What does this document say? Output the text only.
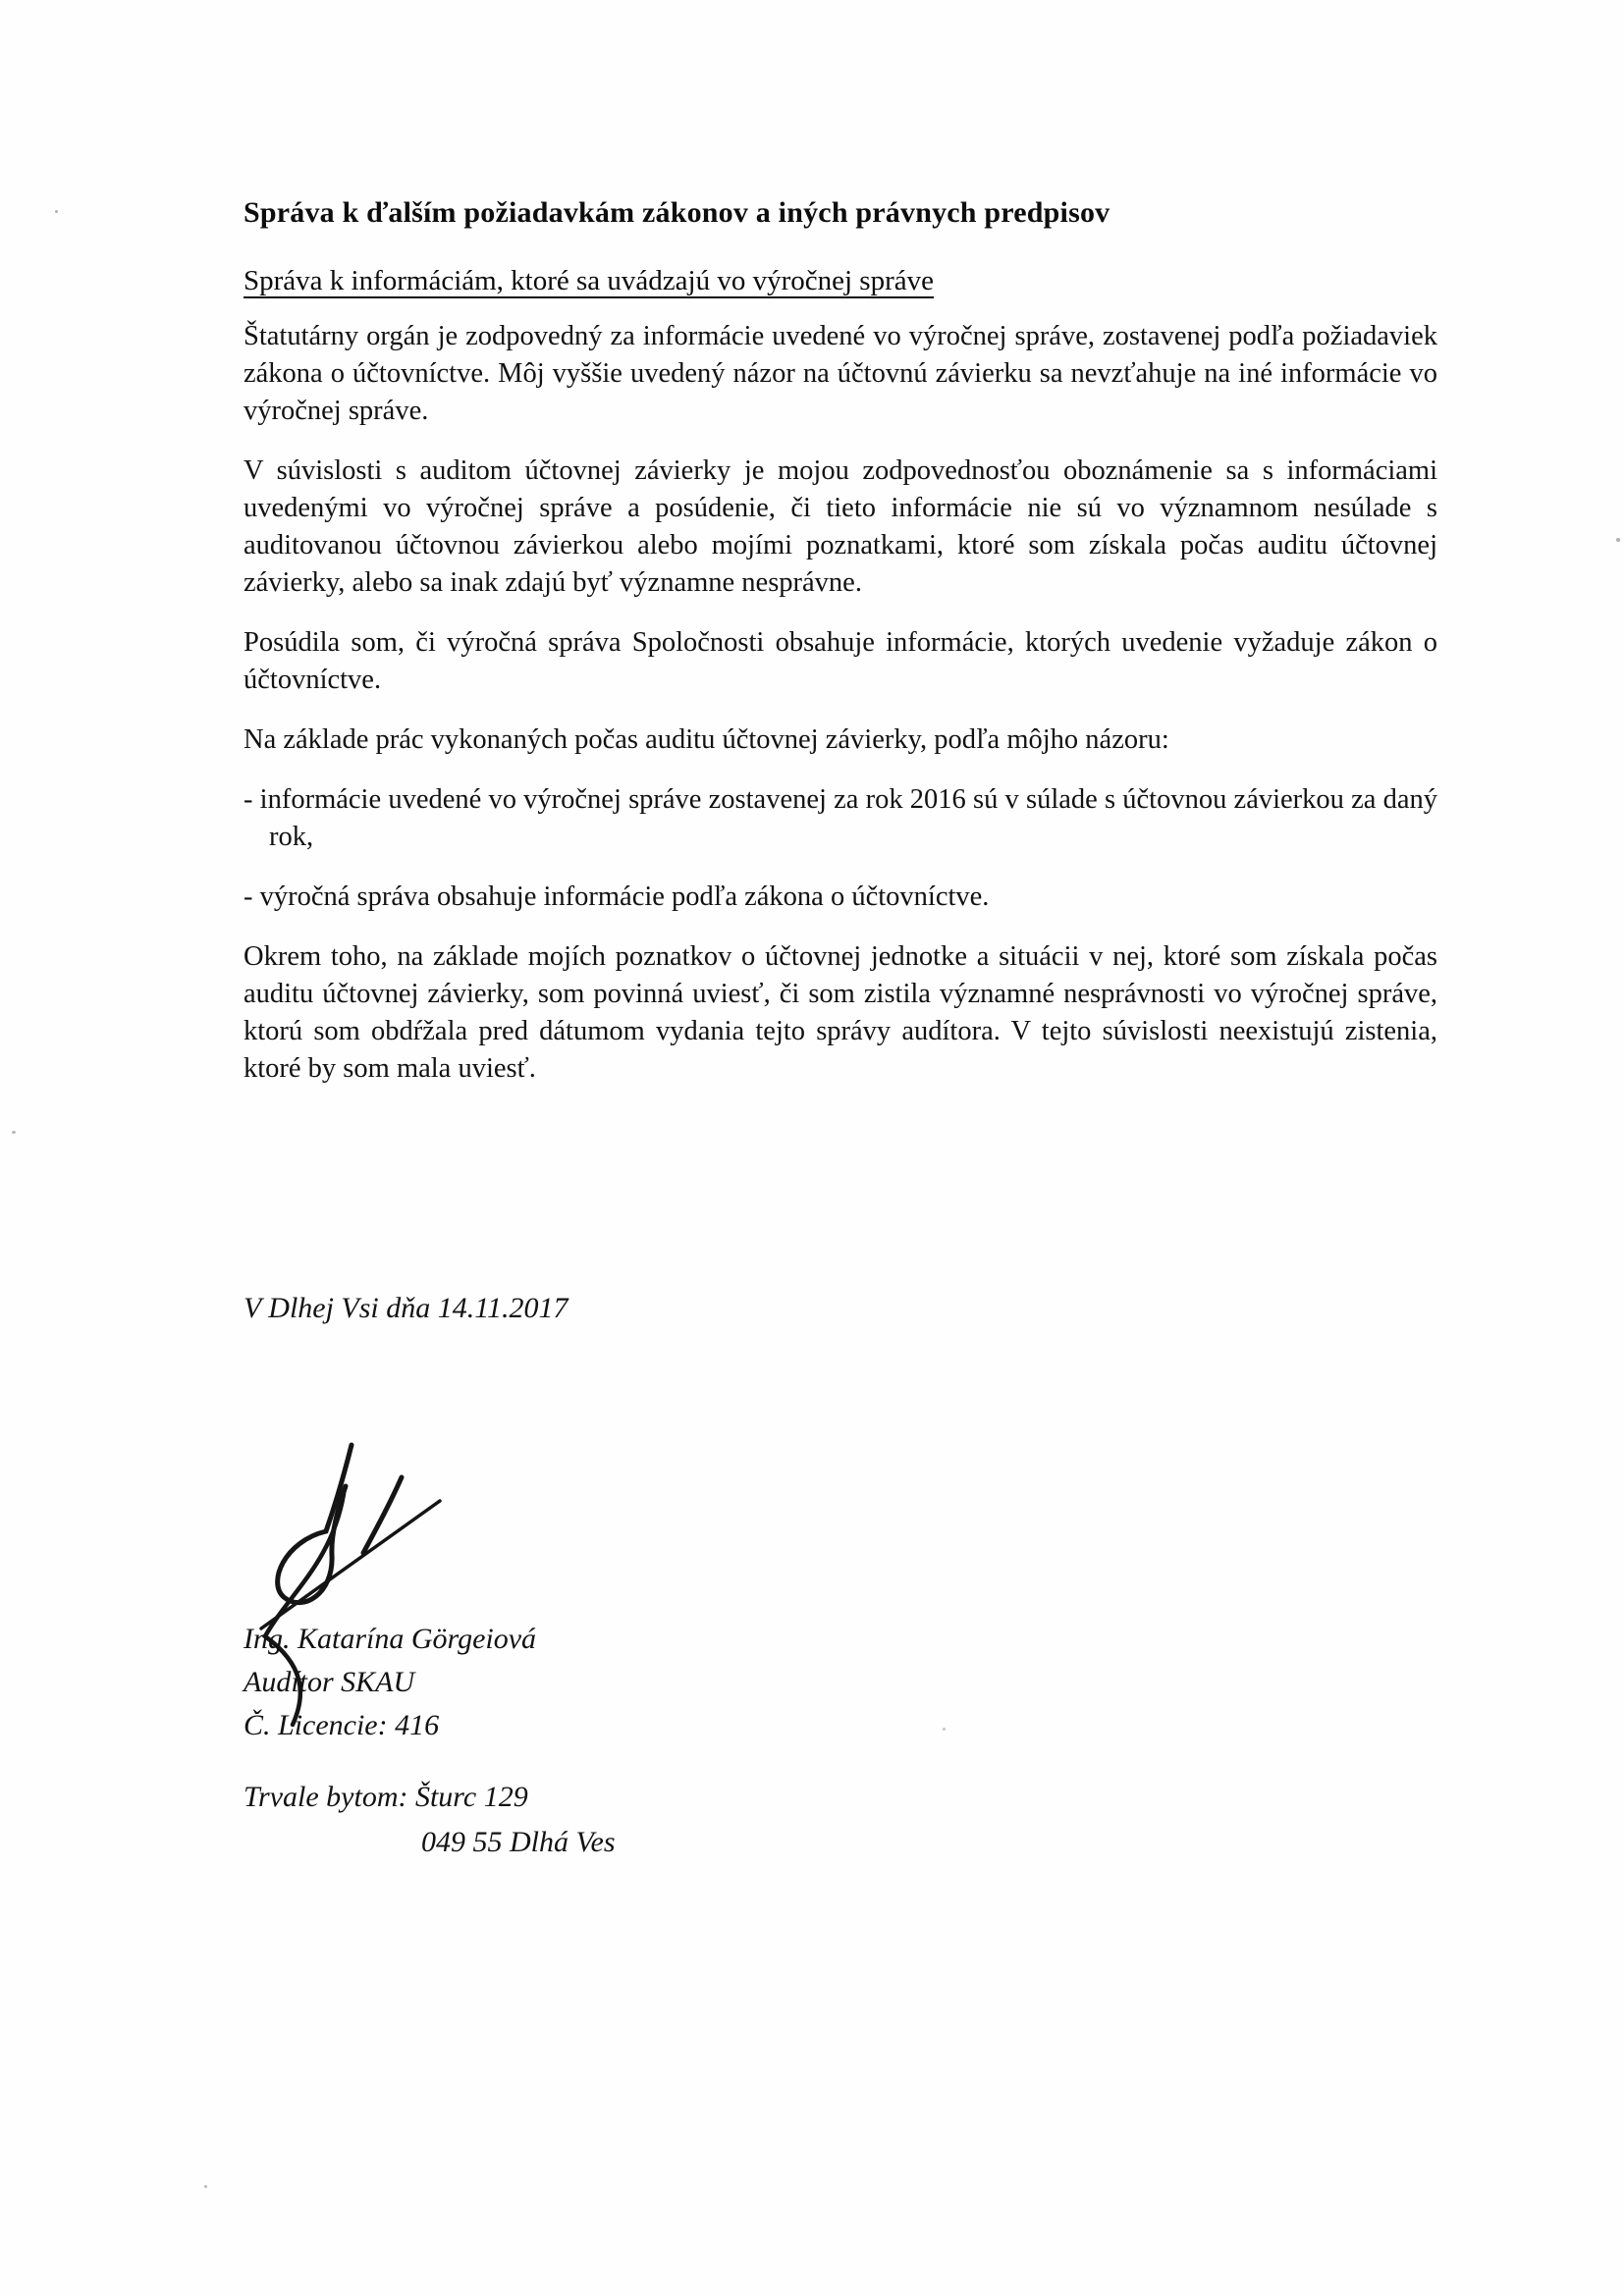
Správa k ďalším požiadavkám zákonov a iných právnych predpisov
Správa k informáciám, ktoré sa uvádzajú vo výročnej správe

Štatutárny orgán je zodpovedný za informácie uvedené vo výročnej správe, zostavenej podľa požiadaviek zákona o účtovníctve. Môj vyššie uvedený názor na účtovnú závierku sa nevzťahuje na iné informácie vo výročnej správe.

V súvislosti s auditom účtovnej závierky je mojou zodpovednosťou oboznámenie sa s informáciami uvedenými vo výročnej správe a posúdenie, či tieto informácie nie sú vo významnom nesúlade s auditovanou účtovnou závierkou alebo mojími poznatkami, ktoré som získala počas auditu účtovnej závierky, alebo sa inak zdajú byť významne nesprávne.

Posúdila som, či výročná správa Spoločnosti obsahuje informácie, ktorých uvedenie vyžaduje zákon o účtovníctve.

Na základe prác vykonaných počas auditu účtovnej závierky, podľa môjho názoru:

- informácie uvedené vo výročnej správe zostavenej za rok 2016 sú v súlade s účtovnou závierkou za daný rok,

- výročná správa obsahuje informácie podľa zákona o účtovníctve.

Okrem toho, na základe mojích poznatkov o účtovnej jednotke a situácii v nej, ktoré som získala počas auditu účtovnej závierky, som povinná uviesť, či som zistila významné nesprávnosti vo výročnej správe, ktorú som obdŕžala pred dátumom vydania tejto správy audítora. V tejto súvislosti neexistujú zistenia, ktoré by som mala uviesť.

V Dlhej Vsi dňa 14.11.2017
Ing. Katarína Görgeiová
Audítor SKAU
Č. Licencie: 416
Trvale bytom: Šturc 129
049 55 Dlhá Ves
